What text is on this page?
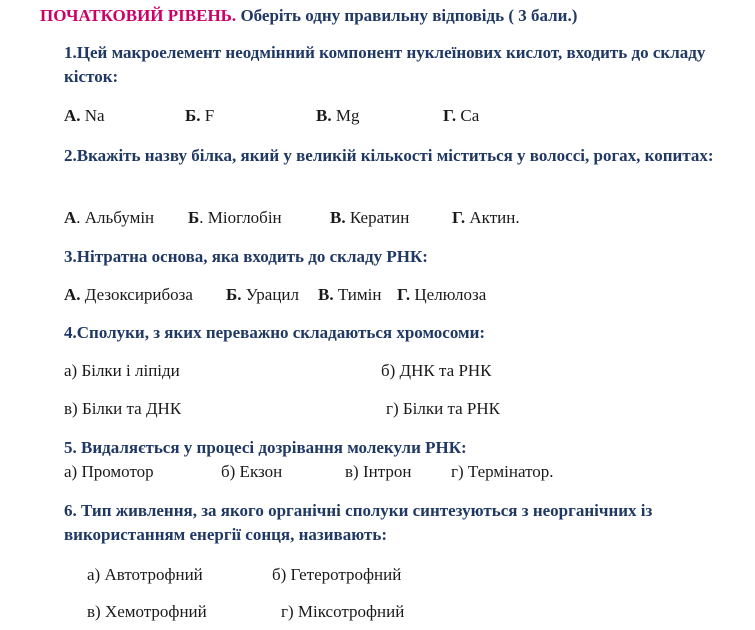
ПОЧАТКОВИЙ РІВЕНЬ. Оберіть одну правильну відповідь ( 3 бали.)
1.Цей макроелемент неодмінний компонент нуклеїнових кислот, входить до складу кісток:
А. Na	Б. F	В. Mg	Г. Ca
2.Вкажіть назву білка, який у великій кількості міститься у волоссі, рогах, копитах:
А. Альбумін Б. Міоглобін	В. Кератин	Г. Актин.
3.Нітратна основа, яка входить до складу РНК:
А. Дезоксирибоза Б. Урацил В. Тимін Г. Целюлоза
4.Сполуки, з яких переважно складаються хромосоми:
а) Білки і ліпіди	б) ДНК та РНК
в) Білки та ДНК	г) Білки та РНК
5. Видаляється у процесі дозрівання молекули РНК:
а) Промотор	б) Екзон	в) Інтрон г) Термінатор.
6. Тип живлення, за якого органічні сполуки синтезуються з неорганічних із використанням енергії сонця, називають:
а) Автотрофний	б) Гетеротрофний
в) Хемотрофний	г) Міксотрофний
